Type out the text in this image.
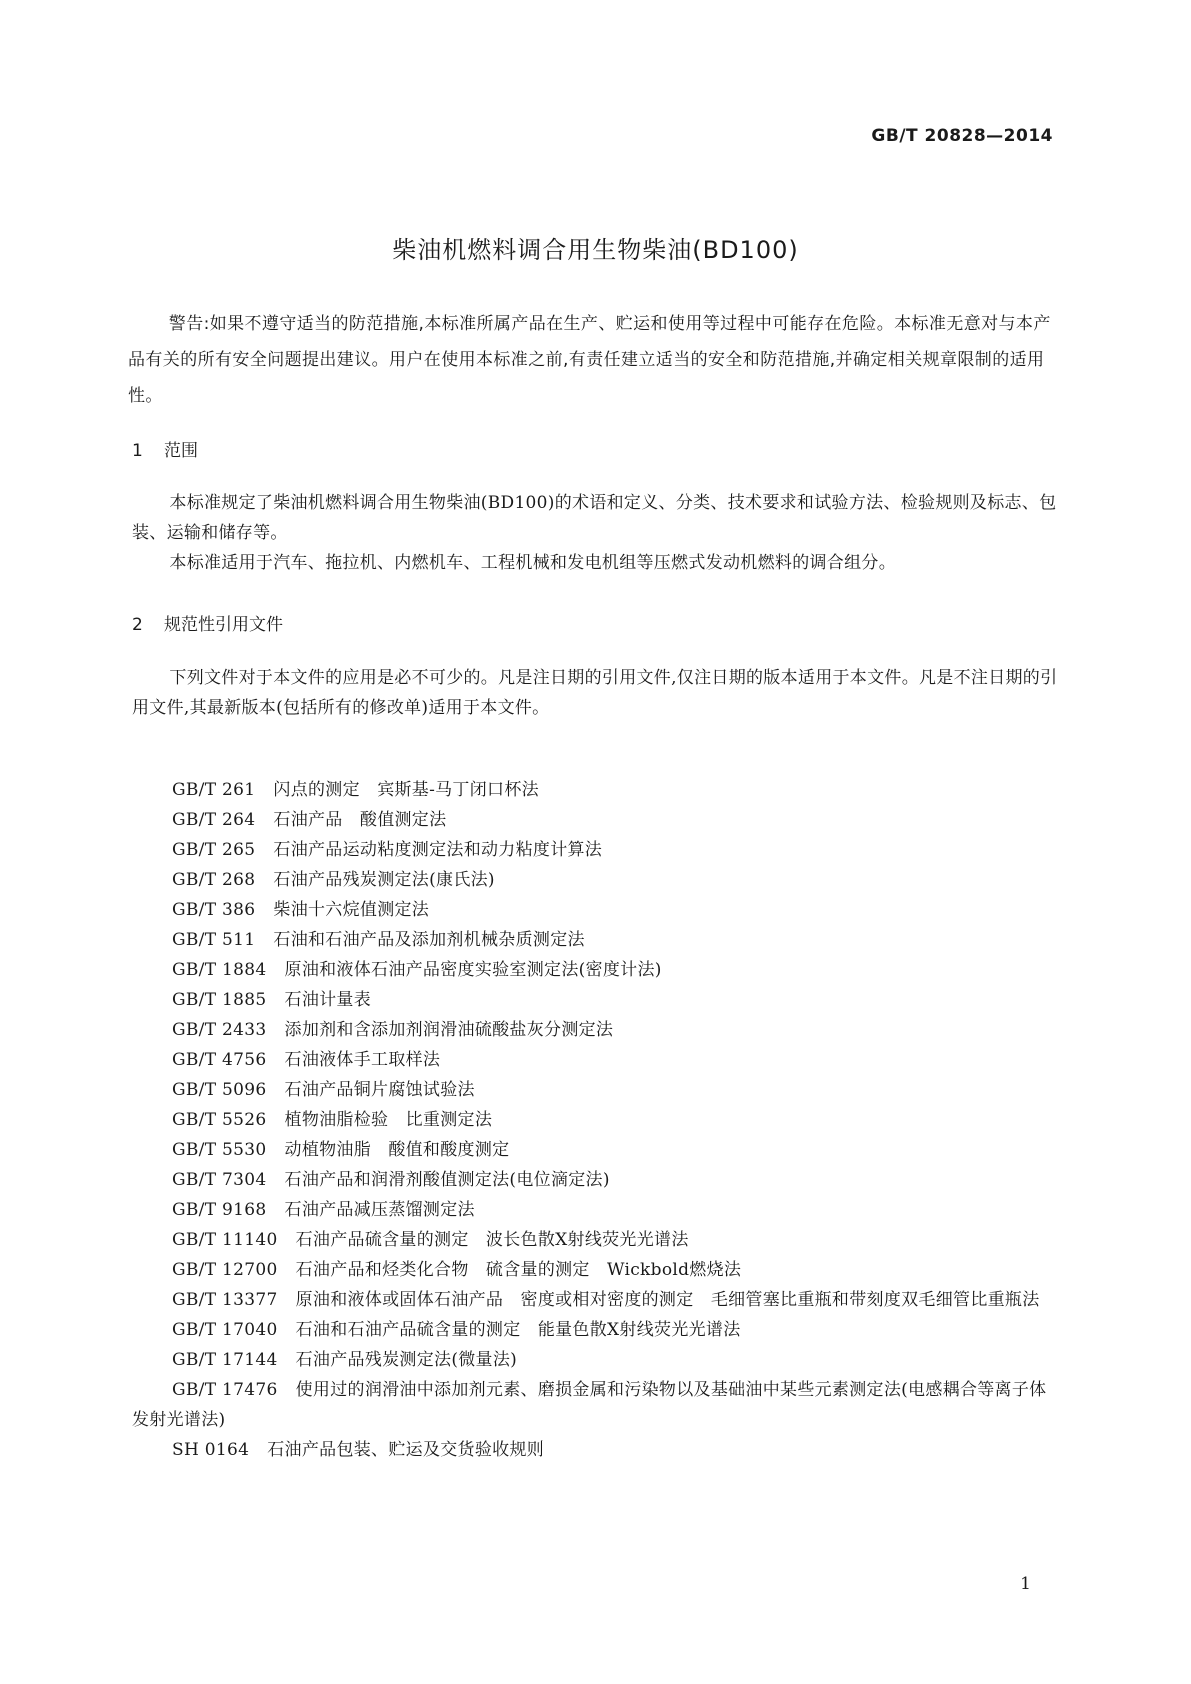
GB/T 20828—2014
柴油机燃料调合用生物柴油(BD100)

警告:如果不遵守适当的防范措施,本标准所属产品在生产、贮运和使用等过程中可能存在危险。本标准无意对与本产品有关的所有安全问题提出建议。用户在使用本标准之前,有责任建立适当的安全和防范措施,并确定相关规章限制的适用性。

1 范围

本标准规定了柴油机燃料调合用生物柴油(BD100)的术语和定义、分类、技术要求和试验方法、检验规则及标志、包装、运输和储存等。

本标准适用于汽车、拖拉机、内燃机车、工程机械和发电机组等压燃式发动机燃料的调合组分。

2 规范性引用文件

下列文件对于本文件的应用是必不可少的。凡是注日期的引用文件,仅注日期的版本适用于本文件。凡是不注日期的引用文件,其最新版本(包括所有的修改单)适用于本文件。

GB/T 261 闪点的测定　宾斯基-马丁闭口杯法

GB/T 264 石油产品　酸值测定法

GB/T 265 石油产品运动粘度测定法和动力粘度计算法

GB/T 268 石油产品残炭测定法(康氏法)

GB/T 386 柴油十六烷值测定法

GB/T 511 石油和石油产品及添加剂机械杂质测定法

GB/T 1884 原油和液体石油产品密度实验室测定法(密度计法)

GB/T 1885 石油计量表

GB/T 2433 添加剂和含添加剂润滑油硫酸盐灰分测定法

GB/T 4756 石油液体手工取样法

GB/T 5096 石油产品铜片腐蚀试验法

GB/T 5526 植物油脂检验　比重测定法

GB/T 5530 动植物油脂　酸值和酸度测定

GB/T 7304 石油产品和润滑剂酸值测定法(电位滴定法)

GB/T 9168 石油产品减压蒸馏测定法

GB/T 11140 石油产品硫含量的测定　波长色散X射线荧光光谱法

GB/T 12700 石油产品和烃类化合物　硫含量的测定　Wickbold燃烧法

GB/T 13377 原油和液体或固体石油产品　密度或相对密度的测定　毛细管塞比重瓶和带刻度双毛细管比重瓶法

GB/T 17040 石油和石油产品硫含量的测定　能量色散X射线荧光光谱法

GB/T 17144 石油产品残炭测定法(微量法)

GB/T 17476 使用过的润滑油中添加剂元素、磨损金属和污染物以及基础油中某些元素测定法(电感耦合等离子体发射光谱法)

SH 0164 石油产品包装、贮运及交货验收规则

1
